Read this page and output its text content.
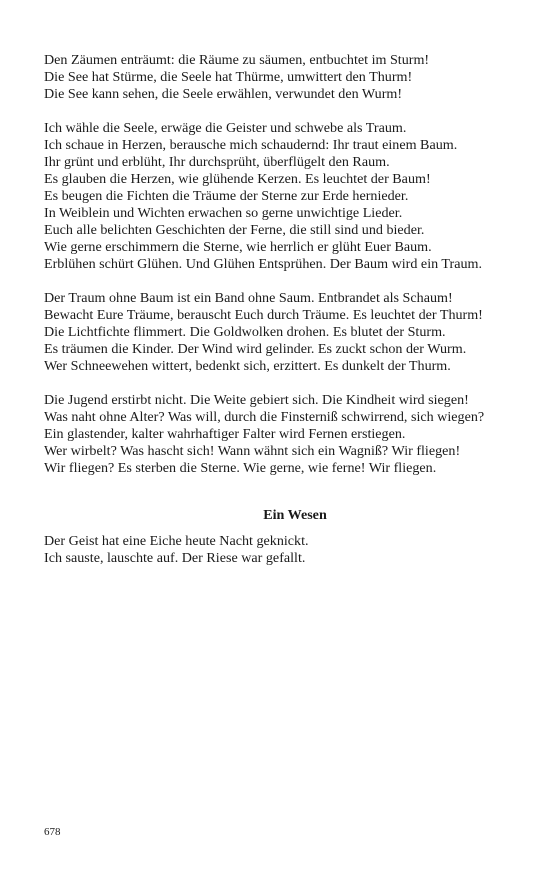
Den Zäumen enträumt: die Räume zu säumen, entbuchtet im Sturm!

Die See hat Stürme, die Seele hat Thürme, umwittert den Thurm!

Die See kann sehen, die Seele erwählen, verwundet den Wurm!

Ich wähle die Seele, erwäge die Geister und schwebe als Traum.

Ich schaue in Herzen, berausche mich schaudernd: Ihr traut einem Baum.

Ihr grünt und erblüht, Ihr durchsprüht, überflügelt den Raum.

Es glauben die Herzen, wie glühende Kerzen. Es leuchtet der Baum!

Es beugen die Fichten die Träume der Sterne zur Erde hernieder.

In Weiblein und Wichten erwachen so gerne unwichtige Lieder.

Euch alle belichten Geschichten der Ferne, die still sind und bieder.

Wie gerne erschimmern die Sterne, wie herrlich er glüht Euer Baum.

Erblühen schürt Glühen. Und Glühen Entsprühen. Der Baum wird ein Traum.

Der Traum ohne Baum ist ein Band ohne Saum. Entbrandet als Schaum!

Bewacht Eure Träume, berauscht Euch durch Träume. Es leuchtet der Thurm!

Die Lichtfichte flimmert. Die Goldwolken drohen. Es blutet der Sturm.

Es träumen die Kinder. Der Wind wird gelinder. Es zuckt schon der Wurm.

Wer Schneewehen wittert, bedenkt sich, erzittert. Es dunkelt der Thurm.

Die Jugend erstirbt nicht. Die Weite gebiert sich. Die Kindheit wird siegen!

Was naht ohne Alter? Was will, durch die Finsterniß schwirrend, sich wiegen?

Ein glastender, kalter wahrhaftiger Falter wird Fernen erstiegen.

Wer wirbelt? Was hascht sich! Wann wähnt sich ein Wagniß? Wir fliegen!

Wir fliegen? Es sterben die Sterne. Wie gerne, wie ferne! Wir fliegen.

Ein Wesen

Der Geist hat eine Eiche heute Nacht geknickt.

Ich sauste, lauschte auf. Der Riese war gefallt.

678
